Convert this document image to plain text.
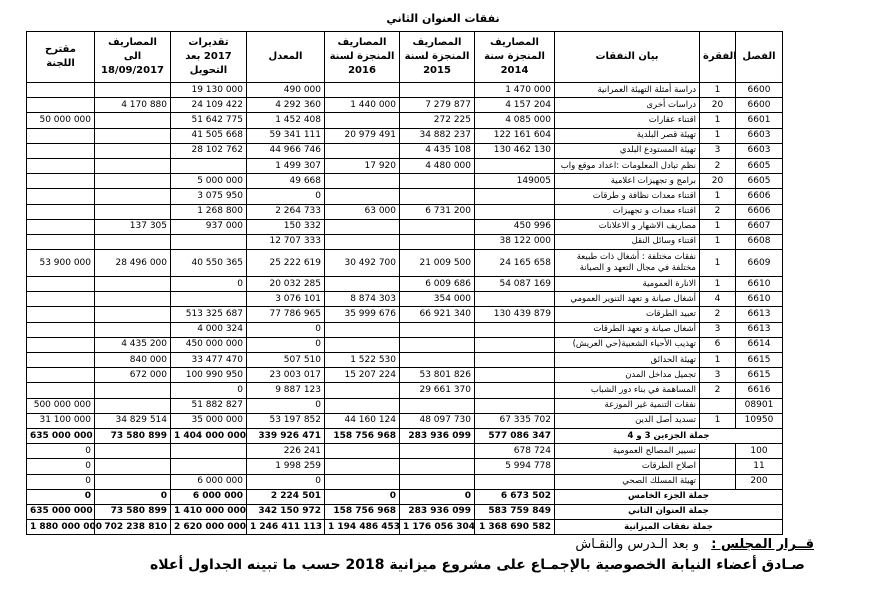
نفقات العنوان الثاني
مقترح اللجنة	المصاريف الى 18/09/2017	تقديرات 2017 بعد التحويل	المعدل	المصاريف المنجزة لسنة 2016	المصاريف المنجزة لسنة 2015	المصاريف المنجزة سنة 2014	بيان النفقات	الفقرة	الفصل
		19 130 000	490 000			1 470 000	دراسة أمثلة التهيئة العمرانية	1	6600
	4 170 880	24 109 422	4 292 360	1 440 000	7 279 877	4 157 204	دراسات أخرى	20	6600
50 000 000		51 642 775	1 452 408		272 225	4 085 000	اقتناء عقارات	1	6601
		41 505 668	59 341 111	20 979 491	34 882 237	122 161 604	تهيئة قصر البلدية	1	6603
		28 102 762	44 966 746		4 435 108	130 462 130	تهيئة المستودع البلدي	3	6603
			1 499 307	17 920	4 480 000		نظم تبادل المعلومات :اعداد موقع واب	2	6605
		5 000 000	49 668			149005	برامج و تجهيزات اعلامية	20	6605
		3 075 950	0				اقتناء معدات نظافة و طرقات	1	6606
		1 268 800	2 264 733	63 000	6 731 200		اقتناء معدات و تجهيزات	2	6606
	137 305	937 000	150 332			450 996	مصاريف الاشهار و الاعلانات	1	6607
			12 707 333			38 122 000	اقتناء وسائل النقل	1	6608
53 900 000	28 496 000	40 550 365	25 222 619	30 492 700	21 009 500	24 165 658	نفقات مختلفة : أشغال ذات طبيعة مختلفة في مجال التعهد و الصيانة	1	6609
		0	20 032 285		6 009 686	54 087 169	الانارة العمومية	1	6610
			3 076 101	8 874 303	354 000		أشغال صيانة و تعهد التنوير العمومي	4	6610
		513 325 687	77 786 965	35 999 676	66 921 340	130 439 879	تعبيد الطرقات	2	6613
		4 000 324	0				أشغال صيانة و تعهد الطرقات	3	6613
	4 435 200	450 000 000	0				تهذيب الأحياء الشعبية(حي العريش)	6	6614
	840 000	33 477 470	507 510	1 522 530			تهيئة الحدائق	1	6615
	672 000	100 990 950	23 003 017	15 207 224	53 801 826		تجميل مداخل المدن	3	6615
		0	9 887 123		29 661 370		المساهمة في بناء دور الشباب	2	6616
500 000 000		51 882 827	0				نفقات التنمية غير الموزعة		08901
31 100 000	34 829 514	35 000 000	53 197 852	44 160 124	48 097 730	67 335 702	تسديد أصل الدين	1	10950
635 000 000	73 580 899	1 404 000 000	339 926 471	158 756 968	283 936 099	577 086 347	جملة الجزءين 3 و 4		
0			226 241			678 724	تسيير المصالح العمومية		100
0			1 998 259			5 994 778	اصلاح الطرقات		11
0		6 000 000	0				تهيئة المسلك الصحي		200
0	0	6 000 000	2 224 501	0	0	6 673 502	جملة الجزء الخامس		
635 000 000	73 580 899	1 410 000 000	342 150 972	158 756 968	283 936 099	583 759 849	جملة العنوان الثاني		
1 880 000 000	702 238 810	2 620 000 000	1 246 411 113	1 194 486 453	1 176 056 304	1 368 690 582	جملة نفقات الميزانية		
قــرار المجلس : و بعد الـدرس والنقـاش
صـادق أعضاء النيابة الخصوصية بالإجمـاع على مشروع ميزانية 2018 حسب ما تبينه الجداول أعلاه
